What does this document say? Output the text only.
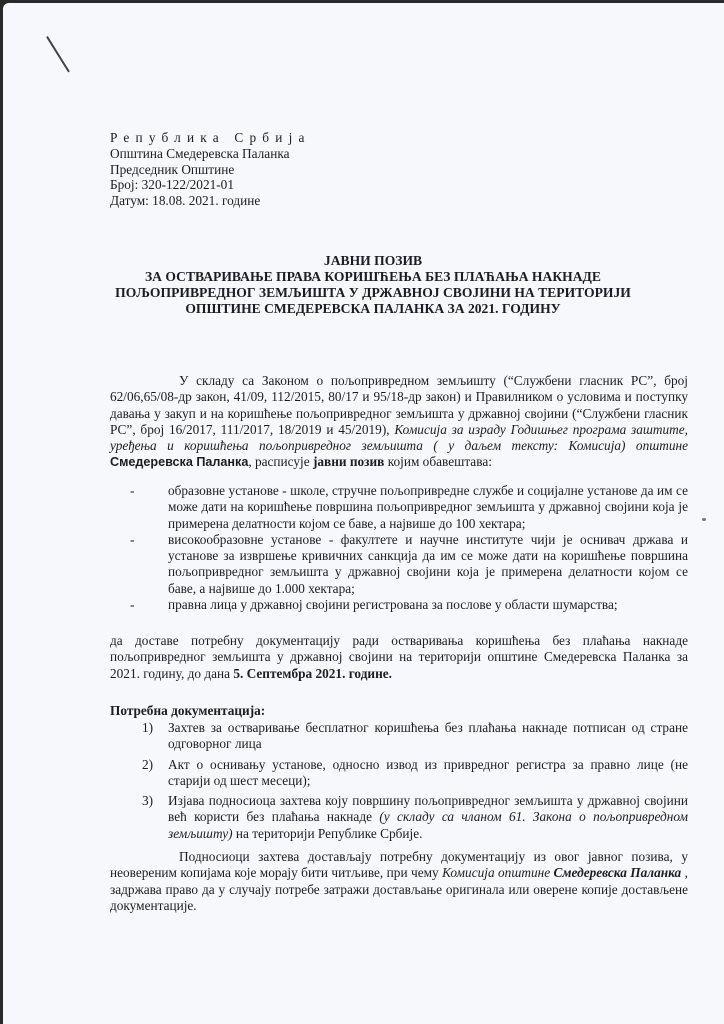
Република Србија
Општина Смедеревска Паланка
Председник Општине
Број: 320-122/2021-01
Датум: 18.08. 2021. године
ЈАВНИ ПОЗИВ
ЗА ОСТВАРИВАЊЕ ПРАВА КОРИШЋЕЊА БЕЗ ПЛАЋАЊА НАКНАДЕ
ПОЉОПРИВРЕДНОГ ЗЕМЉИШТА У ДРЖАВНОЈ СВОЈИНИ НА ТЕРИТОРИЈИ
ОПШТИНЕ СМЕДЕРЕВСКА ПАЛАНКА ЗА 2021. ГОДИНУ
У складу са Законом о пољопривредном земљишту (“Службени гласник РС”, број 62/06,65/08-др закон, 41/09, 112/2015, 80/17 и 95/18-др закон) и Правилником о условима и поступку давања у закуп и на коришћење пољопривредног земљишта у државној својини (“Службени гласник РС”, број 16/2017, 111/2017, 18/2019 и 45/2019), Комисија за израду Годишњег програма заштите, уређења и коришћења пољопривредног земљишта ( у даљем тексту: Комисија) општине Смедеревска Паланка, расписује јавни позив којим обавештава:
-	образовне установе - школе, стручне пољопривредне службе и социјалне установе да им се може дати на коришћење површина пољопривредног земљишта у државној својини која је примерена делатности којом се баве, а највише до 100 хектара;
-	високообразовне установе - факултете и научне институте чији је оснивач држава и установе за извршење кривичних санкција да им се може дати на коришћење површина пољопривредног земљишта у државној својини која је примерена делатности којом се баве, а највише до 1.000 хектара;
-	правна лица у државној својини регистрована за послове у области шумарства;
да доставе потребну документацију ради остваривања коришћења без плаћања накнаде пољопривредног земљишта у државној својини на територији општине Смедеревска Паланка за 2021. годину, до дана 5. Септембра 2021. године.
Потребна документација:
1) Захтев за остваривање бесплатног коришћења без плаћања накнаде потписан од стране одговорног лица
2) Акт о оснивању установе, односно извод из привредног регистра за правно лице (не старији од шест месеци);
3) Изјава подносиоца захтева коју површину пољопривредног земљишта у државној својини већ користи без плаћања накнаде (у складу са чланом 61. Закона о пољопривредном земљишту) на територији Републике Србије.
Подносиоци захтева достављају потребну документацију из овог јавног позива, у неовереним копијама које морају бити читљиве, при чему Комисија општине Смедеревска Паланка , задржава право да у случају потребе затражи достављање оригинала или оверене копије достављене документације.
